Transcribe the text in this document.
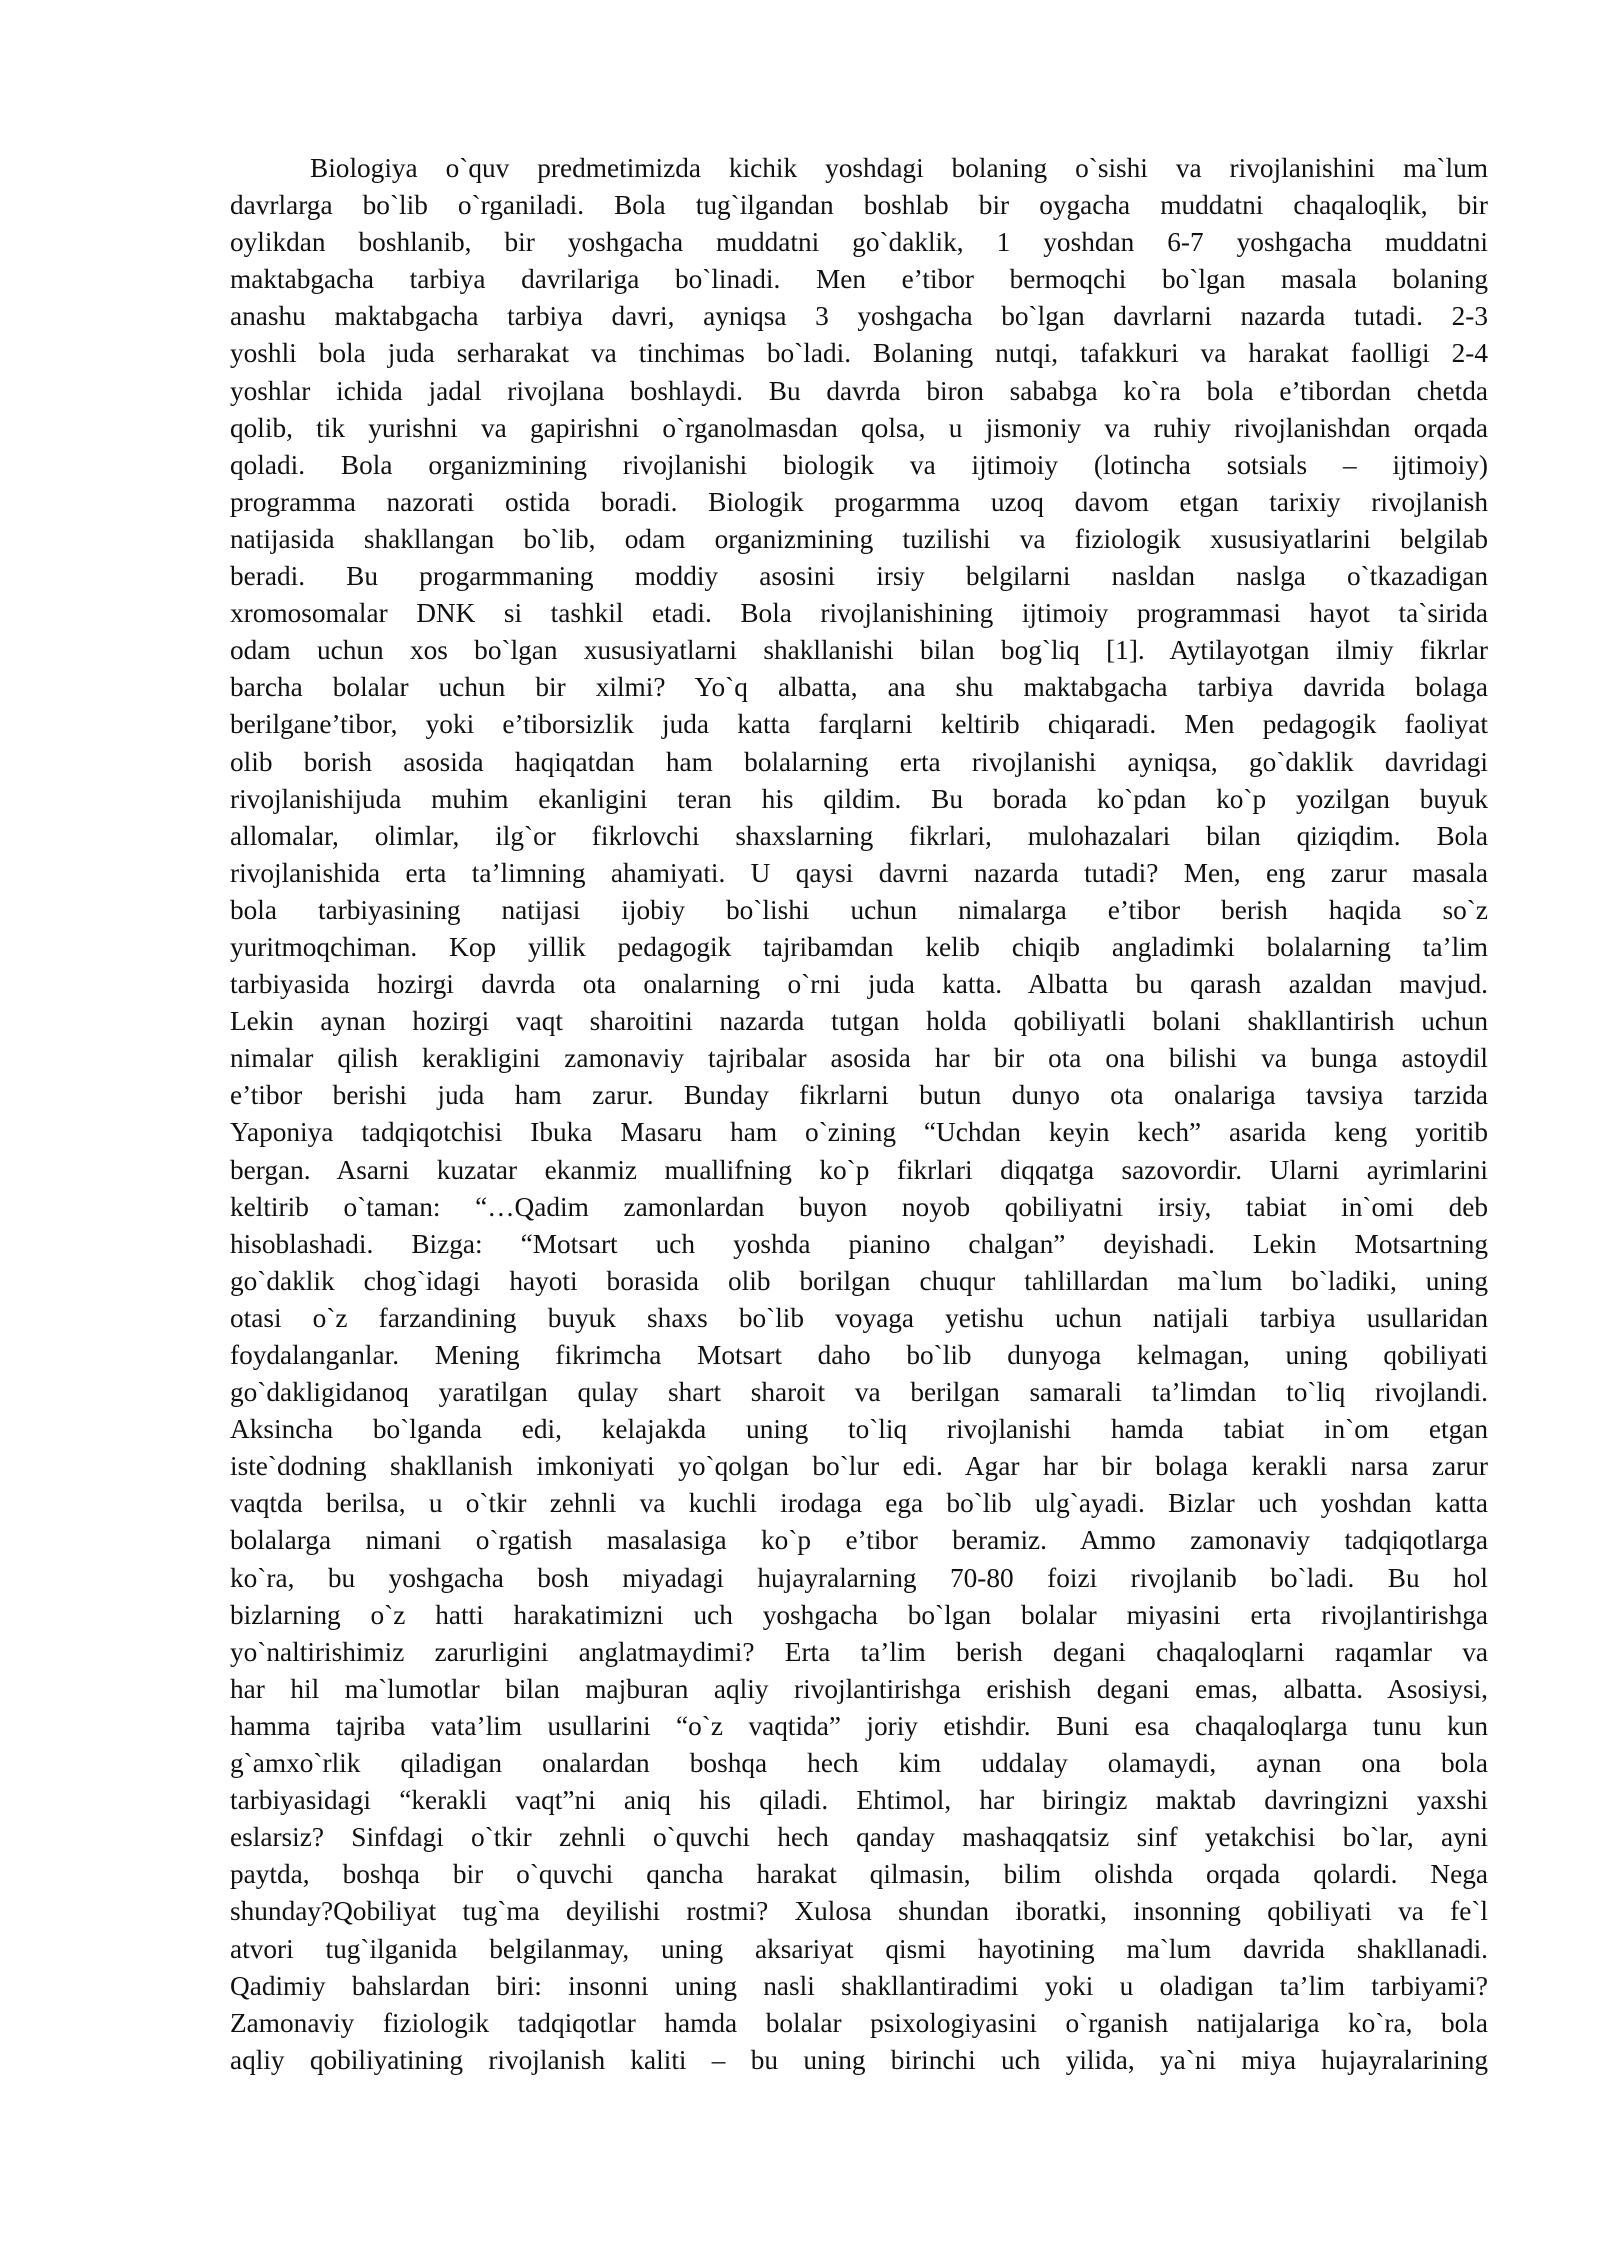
Biologiya o`quv predmetimizda kichik yoshdagi bolaning o`sishi va rivojlanishini ma`lum
davrlarga bo`lib o`rganiladi. Bola tug`ilgandan boshlab bir oygacha muddatni chaqaloqlik, bir
oylikdan boshlanib, bir yoshgacha muddatni go`daklik, 1 yoshdan 6-7 yoshgacha muddatni
maktabgacha tarbiya davrilariga bo`linadi. Men e’tibor bermoqchi bo`lgan masala bolaning
anashu maktabgacha tarbiya davri, ayniqsa 3 yoshgacha bo`lgan davrlarni nazarda tutadi. 2-3
yoshli bola juda serharakat va tinchimas bo`ladi. Bolaning nutqi, tafakkuri va harakat faolligi 2-4
yoshlar ichida jadal rivojlana boshlaydi. Bu davrda biron sababga ko`ra bola e’tibordan chetda
qolib, tik yurishni va gapirishni o`rganolmasdan qolsa, u jismoniy va ruhiy rivojlanishdan orqada
qoladi. Bola organizmining rivojlanishi biologik va ijtimoiy (lotincha sotsials – ijtimoiy)
programma nazorati ostida boradi. Biologik progarmma uzoq davom etgan tarixiy rivojlanish
natijasida shakllangan bo`lib, odam organizmining tuzilishi va fiziologik xususiyatlarini belgilab
beradi. Bu progarmmaning moddiy asosini irsiy belgilarni nasldan naslga o`tkazadigan
xromosomalar DNK si tashkil etadi. Bola rivojlanishining ijtimoiy programmasi hayot ta`sirida
odam uchun xos bo`lgan xususiyatlarni shakllanishi bilan bog`liq [1]. Aytilayotgan ilmiy fikrlar
barcha bolalar uchun bir xilmi? Yo`q albatta, ana shu maktabgacha tarbiya davrida bolaga
berilgane’tibor, yoki e’tiborsizlik juda katta farqlarni keltirib chiqaradi. Men pedagogik faoliyat
olib borish asosida haqiqatdan ham bolalarning erta rivojlanishi ayniqsa, go`daklik davridagi
rivojlanishijuda muhim ekanligini teran his qildim. Bu borada ko`pdan ko`p yozilgan buyuk
allomalar, olimlar, ilg`or fikrlovchi shaxslarning fikrlari, mulohazalari bilan qiziqdim. Bola
rivojlanishida erta ta’limning ahamiyati. U qaysi davrni nazarda tutadi? Men, eng zarur masala
bola tarbiyasining natijasi ijobiy bo`lishi uchun nimalarga e’tibor berish haqida so`z
yuritmoqchiman. Kop yillik pedagogik tajribamdan kelib chiqib angladimki bolalarning ta’lim
tarbiyasida hozirgi davrda ota onalarning o`rni juda katta. Albatta bu qarash azaldan mavjud.
Lekin aynan hozirgi vaqt sharoitini nazarda tutgan holda qobiliyatli bolani shakllantirish uchun
nimalar qilish kerakligini zamonaviy tajribalar asosida har bir ota ona bilishi va bunga astoydil
e’tibor berishi juda ham zarur. Bunday fikrlarni butun dunyo ota onalariga tavsiya tarzida
Yaponiya tadqiqotchisi Ibuka Masaru ham o`zining “Uchdan keyin kech” asarida keng yoritib
bergan. Asarni kuzatar ekanmiz muallifning ko`p fikrlari diqqatga sazovordir. Ularni ayrimlarini
keltirib o`taman: “…Qadim zamonlardan buyon noyob qobiliyatni irsiy, tabiat in`omi deb
hisoblashadi. Bizga: “Motsart uch yoshda pianino chalgan” deyishadi. Lekin Motsartning
go`daklik chog`idagi hayoti borasida olib borilgan chuqur tahlillardan ma`lum bo`ladiki, uning
otasi o`z farzandining buyuk shaxs bo`lib voyaga yetishu uchun natijali tarbiya usullaridan
foydalanganlar. Mening fikrimcha Motsart daho bo`lib dunyoga kelmagan, uning qobiliyati
go`dakligidanoq yaratilgan qulay shart sharoit va berilgan samarali ta’limdan to`liq rivojlandi.
Aksincha bo`lganda edi, kelajakda uning to`liq rivojlanishi hamda tabiat in`om etgan
iste`dodning shakllanish imkoniyati yo`qolgan bo`lur edi. Agar har bir bolaga kerakli narsa zarur
vaqtda berilsa, u o`tkir zehnli va kuchli irodaga ega bo`lib ulg`ayadi. Bizlar uch yoshdan katta
bolalarga nimani o`rgatish masalasiga ko`p e’tibor beramiz. Ammo zamonaviy tadqiqotlarga
ko`ra, bu yoshgacha bosh miyadagi hujayralarning 70-80 foizi rivojlanib bo`ladi. Bu hol
bizlarning o`z hatti harakatimizni uch yoshgacha bo`lgan bolalar miyasini erta rivojlantirishga
yo`naltirishimiz zarurligini anglatmaydimi? Erta ta’lim berish degani chaqaloqlarni raqamlar va
har hil ma`lumotlar bilan majburan aqliy rivojlantirishga erishish degani emas, albatta. Asosiysi,
hamma tajriba vata’lim usullarini “o`z vaqtida” joriy etishdir. Buni esa chaqaloqlarga tunu kun
g`amxo`rlik qiladigan onalardan boshqa hech kim uddalay olamaydi, aynan ona bola
tarbiyasidagi “kerakli vaqt”ni aniq his qiladi. Ehtimol, har biringiz maktab davringizni yaxshi
eslarsiz? Sinfdagi o`tkir zehnli o`quvchi hech qanday mashaqqatsiz sinf yetakchisi bo`lar, ayni
paytda, boshqa bir o`quvchi qancha harakat qilmasin, bilim olishda orqada qolardi. Nega
shunday?Qobiliyat tug`ma deyilishi rostmi? Xulosa shundan iboratki, insonning qobiliyati va fe`l
atvori tug`ilganida belgilanmay, uning aksariyat qismi hayotining ma`lum davrida shakllanadi.
Qadimiy bahslardan biri: insonni uning nasli shakllantiradimi yoki u oladigan ta’lim tarbiyami?
Zamonaviy fiziologik tadqiqotlar hamda bolalar psixologiyasini o`rganish natijalariga ko`ra, bola
aqliy qobiliyatining rivojlanish kaliti – bu uning birinchi uch yilida, ya`ni miya hujayralarining
